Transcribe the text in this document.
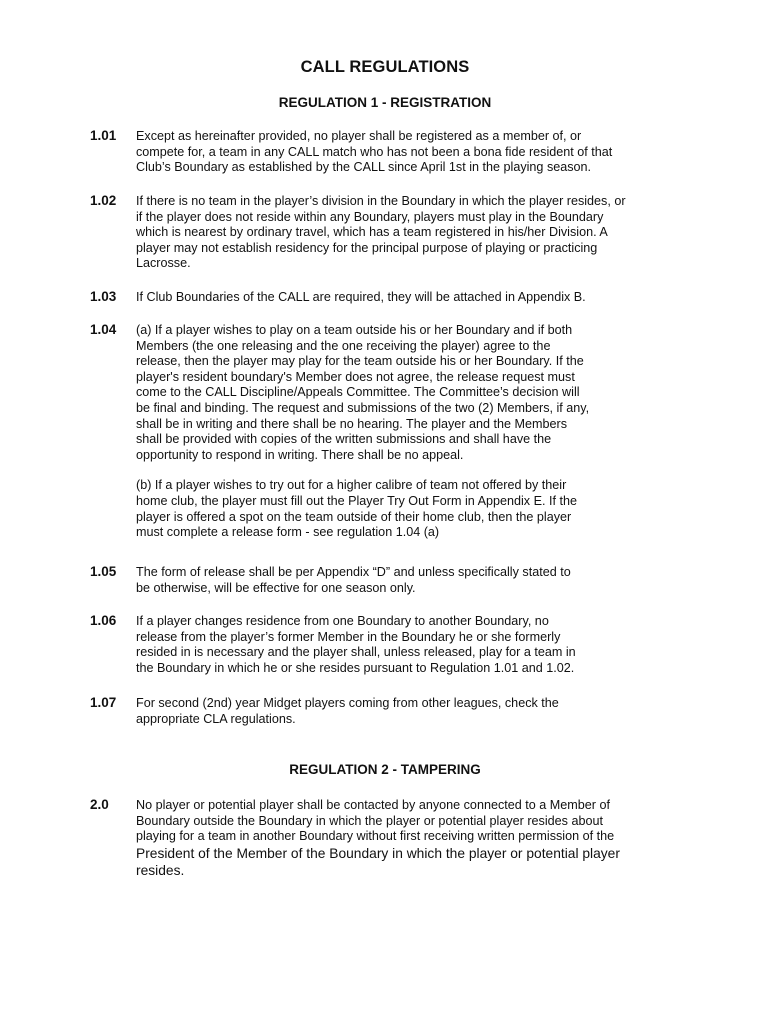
CALL REGULATIONS
REGULATION 1 - REGISTRATION
1.01 Except as hereinafter provided, no player shall be registered as a member of, or
compete for, a team in any CALL match who has not been a bona fide resident of that
Club’s Boundary as established by the CALL since April 1st in the playing season.
1.02 If there is no team in the player’s division in the Boundary in which the player resides, or
if the player does not reside within any Boundary, players must play in the Boundary
which is nearest by ordinary travel, which has a team registered in his/her Division. A
player may not establish residency for the principal purpose of playing or practicing
Lacrosse.
1.03 If Club Boundaries of the CALL are required, they will be attached in Appendix B.
1.04 (a) If a player wishes to play on a team outside his or her Boundary and if both
Members (the one releasing and the one receiving the player) agree to the
release, then the player may play for the team outside his or her Boundary. If the
player's resident boundary's Member does not agree, the release request must
come to the CALL Discipline/Appeals Committee. The Committee’s decision will
be final and binding. The request and submissions of the two (2) Members, if any,
shall be in writing and there shall be no hearing. The player and the Members
shall be provided with copies of the written submissions and shall have the
opportunity to respond in writing. There shall be no appeal.
(b) If a player wishes to try out for a higher calibre of team not offered by their
home club, the player must fill out the Player Try Out Form in Appendix E. If the
player is offered a spot on the team outside of their home club, then the player
must complete a release form - see regulation 1.04 (a)
1.05 The form of release shall be per Appendix “D” and unless specifically stated to
be otherwise, will be effective for one season only.
1.06 If a player changes residence from one Boundary to another Boundary, no
release from the player’s former Member in the Boundary he or she formerly
resided in is necessary and the player shall, unless released, play for a team in
the Boundary in which he or she resides pursuant to Regulation 1.01 and 1.02.
1.07 For second (2nd) year Midget players coming from other leagues, check the
appropriate CLA regulations.
REGULATION 2 - TAMPERING
2.0 No player or potential player shall be contacted by anyone connected to a Member of
Boundary outside the Boundary in which the player or potential player resides about
playing for a team in another Boundary without first receiving written permission of the
President of the Member of the Boundary in which the player or potential player
resides.
